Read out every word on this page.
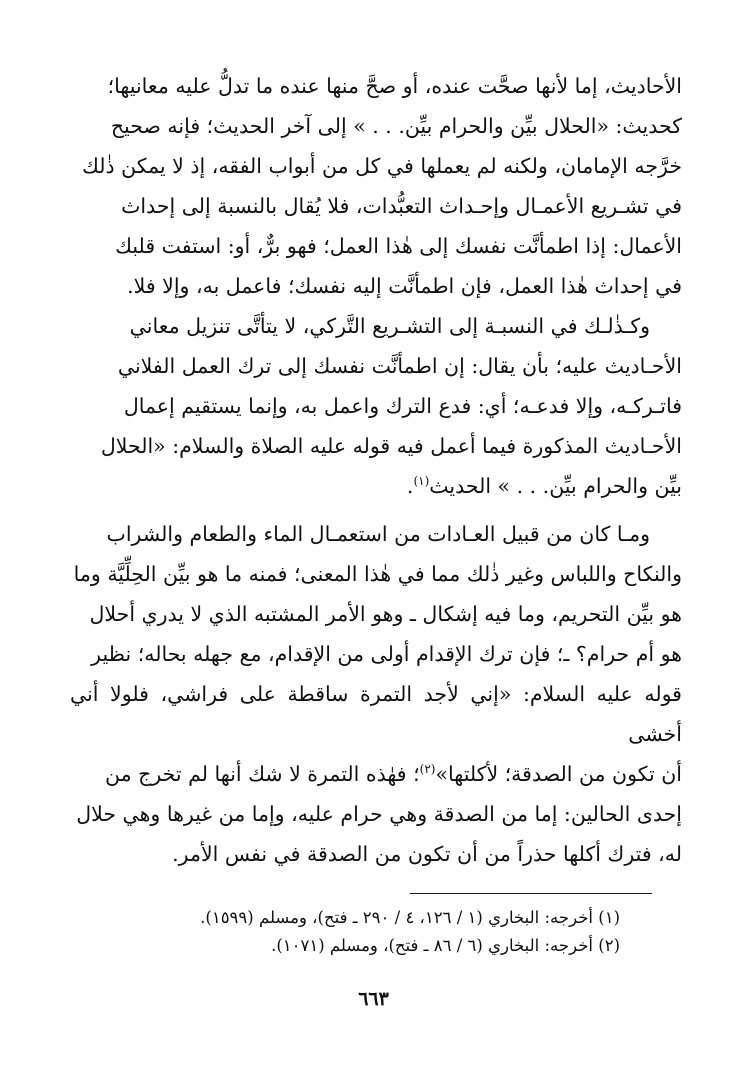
الأحاديث، إما لأنها صحَّت عنده، أو صحَّ منها عنده ما تدلُّ عليه معانيها؛

كحديث: «الحلال بيِّن والحرام بيِّن. . . » إلى آخر الحديث؛ فإنه صحيح

خرَّجه الإمامان، ولكنه لم يعملها في كل من أبواب الفقه، إذ لا يمكن ذٰلك

في تشـريع الأعمـال وإحـداث التعبُّدات، فلا يُقال بالنسبة إلى إحداث

الأعمال: إذا اطمأنَّت نفسك إلى هٰذا العمل؛ فهو برٌّ، أو: استفت قلبك

في إحداث هٰذا العمل، فإن اطمأنَّت إليه نفسك؛ فاعمل به، وإلا فلا.

وكـذٰلـك في النسبـة إلى التشـريع التَّركي، لا يتأتَّى تنزيل معاني

الأحـاديث عليه؛ بأن يقال: إن اطمأنَّت نفسك إلى ترك العمل الفلاني

فاتـركـه، وإلا فدعـه؛ أي: فدع الترك واعمل به، وإنما يستقيم إعمال

الأحـاديث المذكورة فيما أعمل فيه قوله عليه الصلاة والسلام: «الحلال

بيِّن والحرام بيِّن. . . » الحديث$^{(١)}$.

ومـا كان من قبيل العـادات من استعمـال الماء والطعام والشراب

والنكاح واللباس وغير ذٰلك مما في هٰذا المعنى؛ فمنه ما هو بيِّن الحِلِّيَّة وما

هو بيِّن التحريم، وما فيه إشكال ـ وهو الأمر المشتبه الذي لا يدري أحلال

هو أم حرام؟ ـ؛ فإن ترك الإقدام أولى من الإقدام، مع جهله بحاله؛ نظير

قوله عليه السلام: «إني لأجد التمرة ساقطة على فراشي، فلولا أني أخشى

أن تكون من الصدقة؛ لأكلتها»$^{(٢)}$؛ فهٰذه التمرة لا شك أنها لم تخرج من

إحدى الحالين: إما من الصدقة وهي حرام عليه، وإما من غيرها وهي حلال

له، فترك أكلها حذراً من أن تكون من الصدقة في نفس الأمر.

(١) أخرجه: البخاري (١ / ١٢٦، ٤ / ٢٩٠ ـ فتح)، ومسلم (١٥٩٩).
(٢) أخرجه: البخاري (٦ / ٨٦ ـ فتح)، ومسلم (١٠٧١).
٦٦٣
